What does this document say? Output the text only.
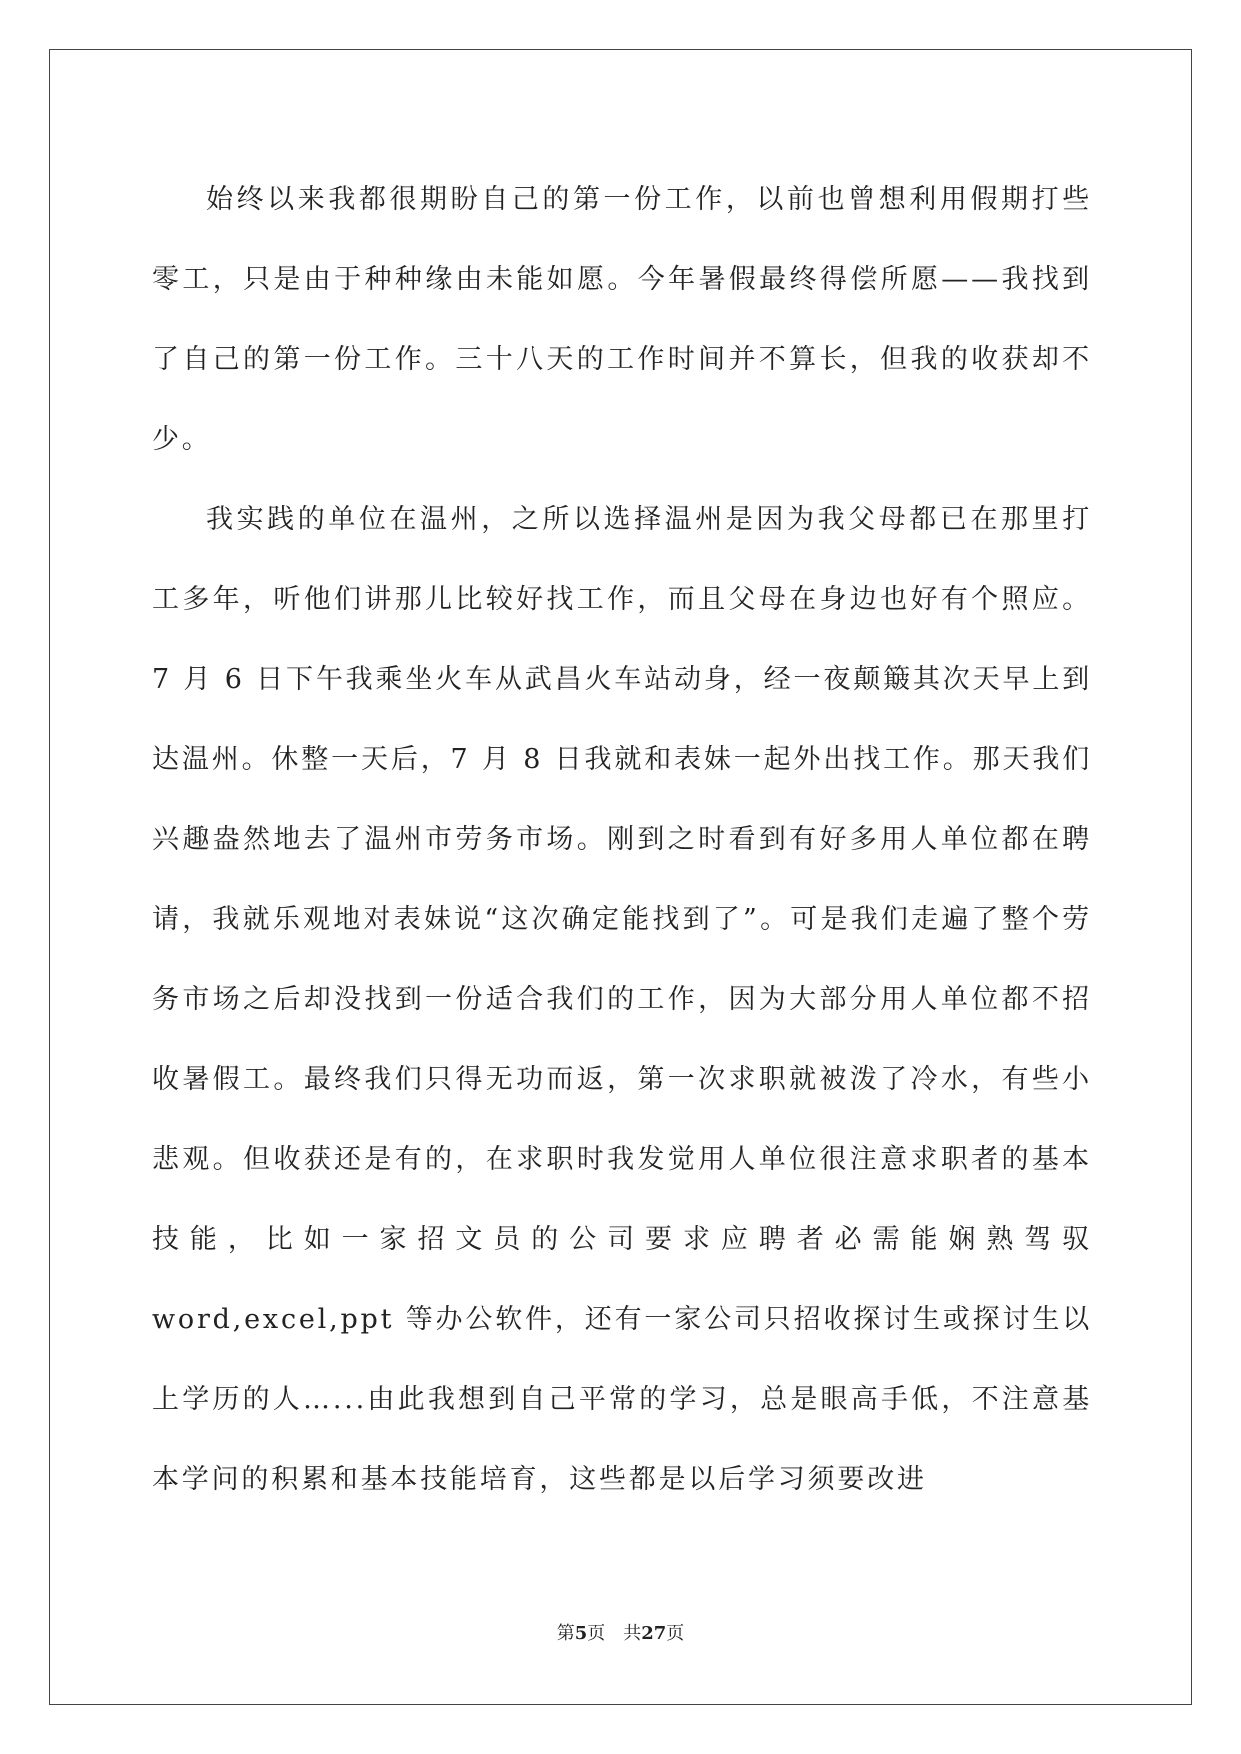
始终以来我都很期盼自己的第一份工作，以前也曾想利用假期打些零工，只是由于种种缘由未能如愿。今年暑假最终得偿所愿——我找到了自己的第一份工作。三十八天的工作时间并不算长，但我的收获却不少。

我实践的单位在温州，之所以选择温州是因为我父母都已在那里打工多年，听他们讲那儿比较好找工作，而且父母在身边也好有个照应。7 月 6 日下午我乘坐火车从武昌火车站动身，经一夜颠簸其次天早上到达温州。休整一天后，7 月 8 日我就和表妹一起外出找工作。那天我们兴趣盎然地去了温州市劳务市场。刚到之时看到有好多用人单位都在聘请，我就乐观地对表妹说“这次确定能找到了”。可是我们走遍了整个劳务市场之后却没找到一份适合我们的工作，因为大部分用人单位都不招收暑假工。最终我们只得无功而返，第一次求职就被泼了冷水，有些小悲观。但收获还是有的，在求职时我发觉用人单位很注意求职者的基本技能，比如一家招文员的公司要求应聘者必需能娴熟驾驭 word,excel,ppt 等办公软件，还有一家公司只招收探讨生或探讨生以上学历的人…...由此我想到自己平常的学习，总是眼高手低，不注意基本学问的积累和基本技能培育，这些都是以后学习须要改进

第5页 共27页
